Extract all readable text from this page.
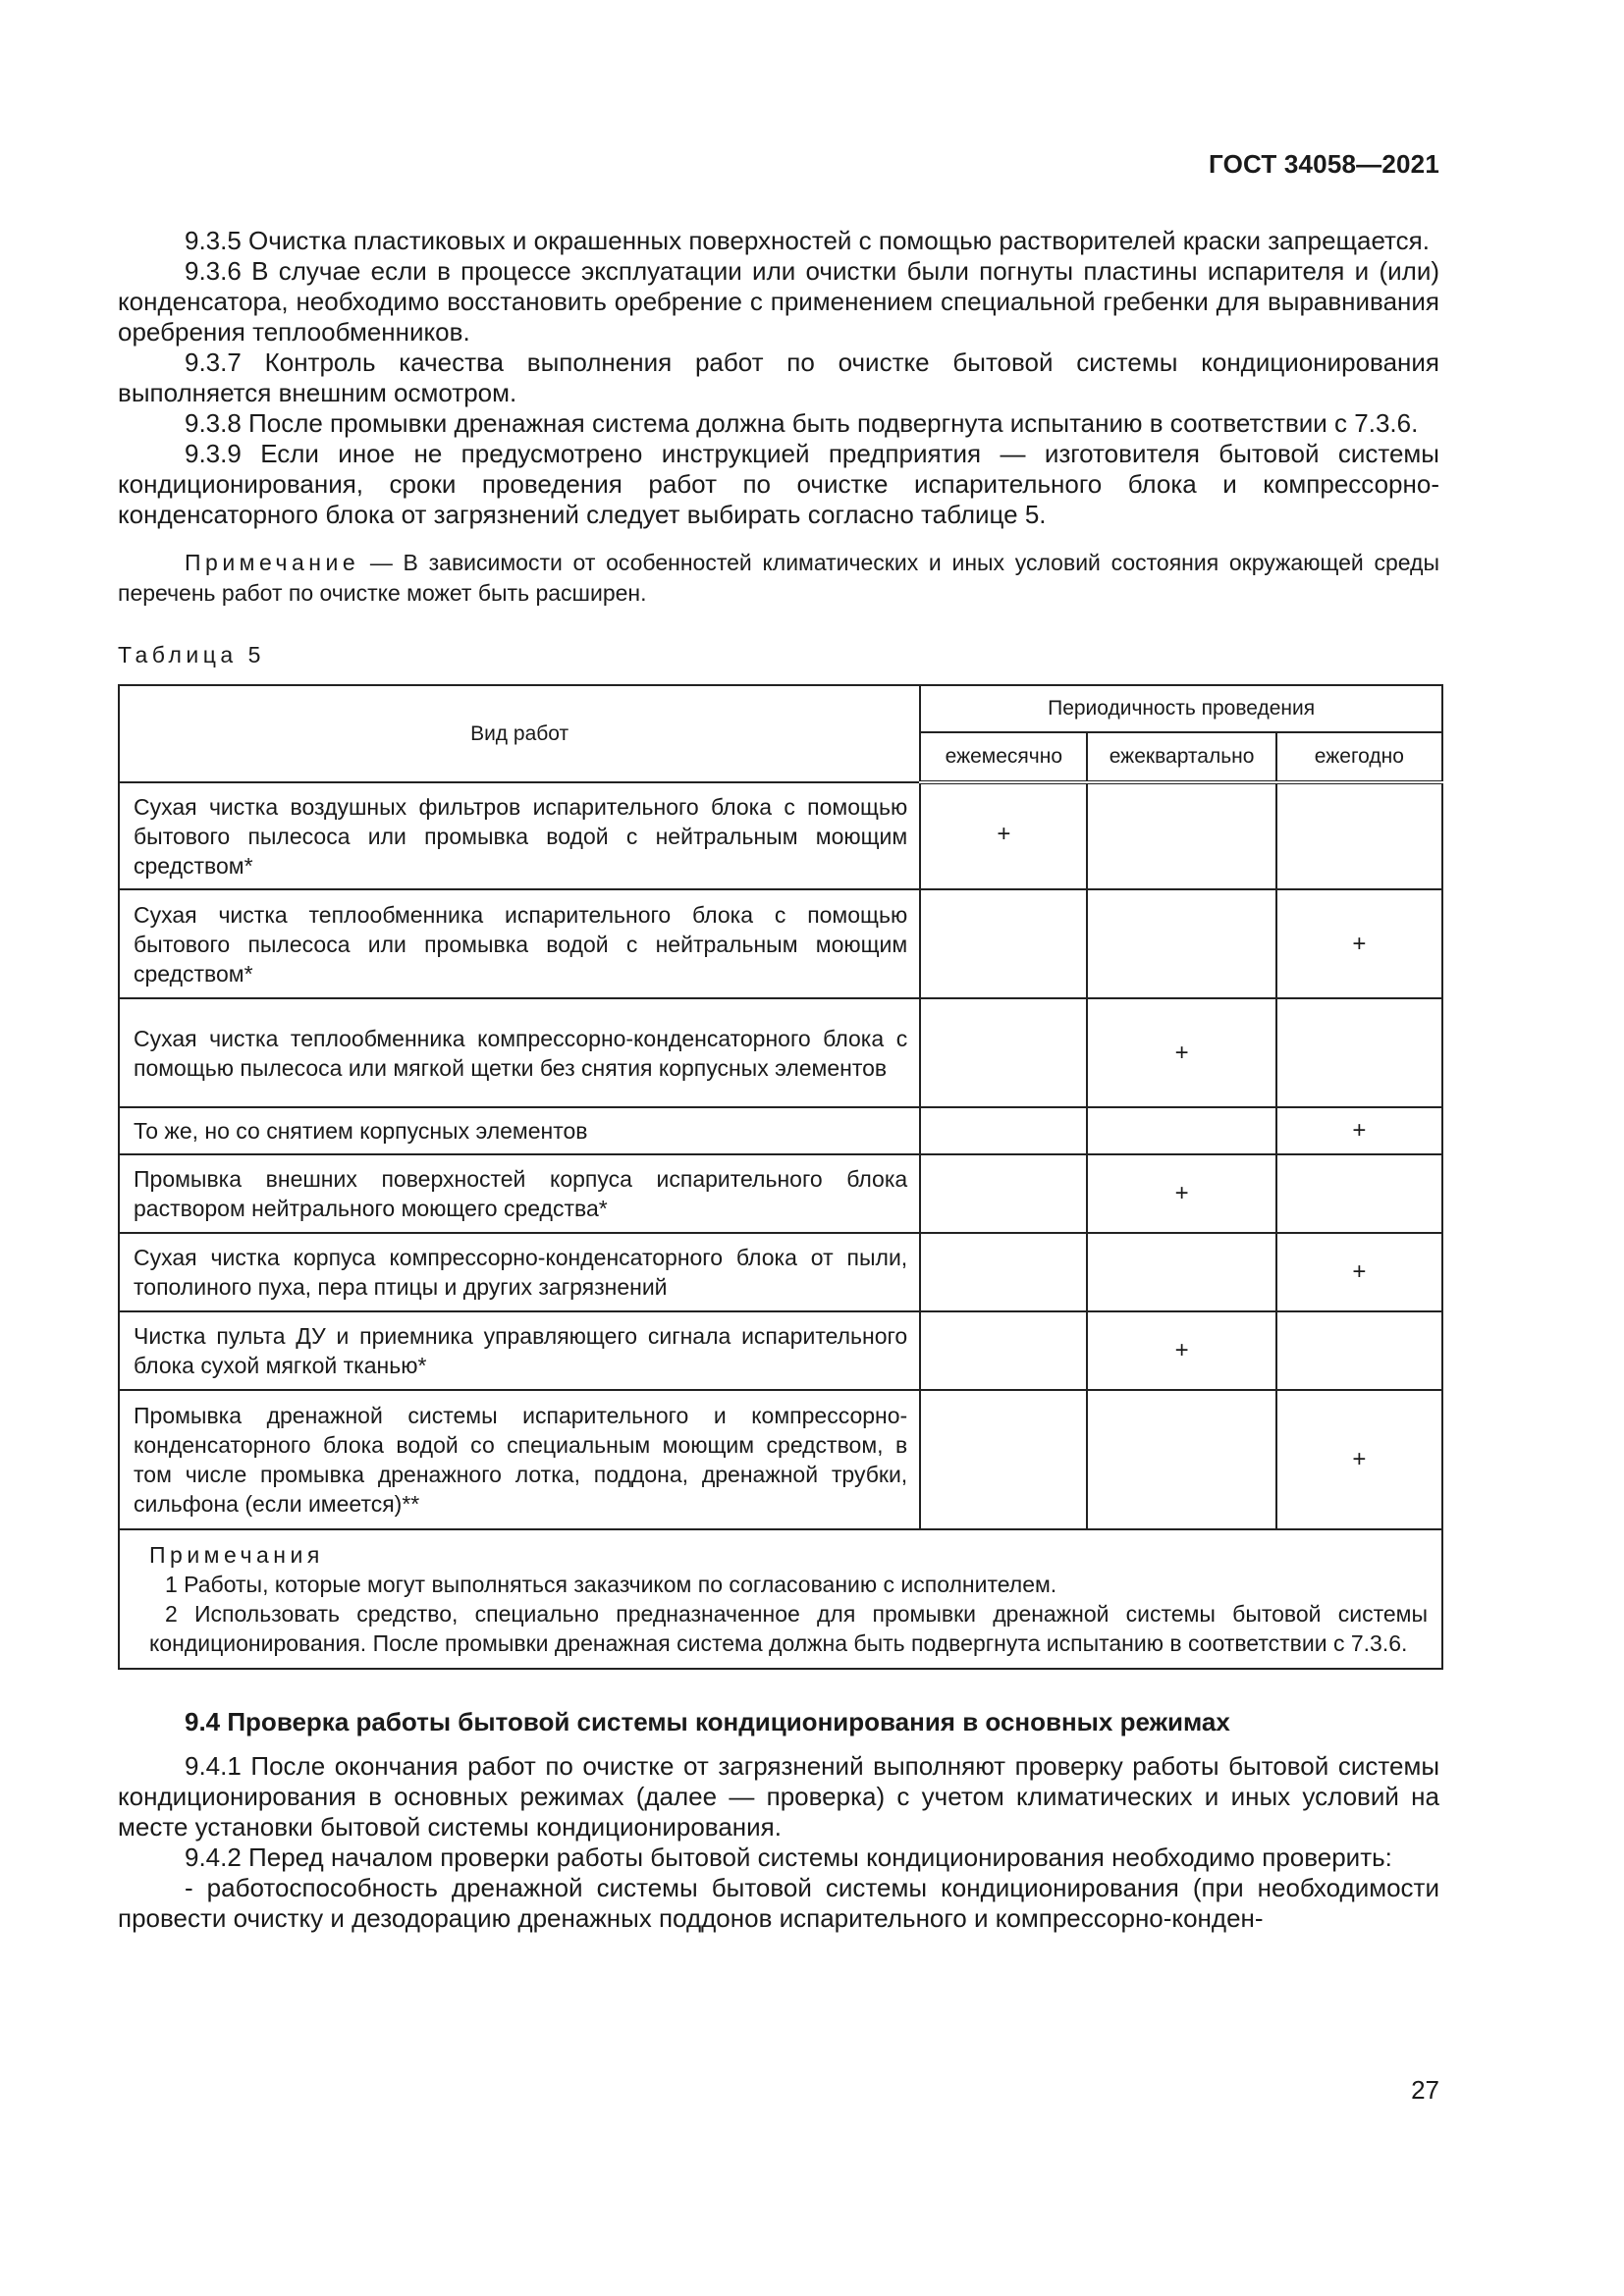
ГОСТ 34058—2021

9.3.5 Очистка пластиковых и окрашенных поверхностей с помощью растворителей краски запрещается.

9.3.6 В случае если в процессе эксплуатации или очистки были погнуты пластины испарителя и (или) конденсатора, необходимо восстановить оребрение с применением специальной гребенки для выравнивания оребрения теплообменников.

9.3.7 Контроль качества выполнения работ по очистке бытовой системы кондиционирования выполняется внешним осмотром.

9.3.8 После промывки дренажная система должна быть подвергнута испытанию в соответствии с 7.3.6.

9.3.9 Если иное не предусмотрено инструкцией предприятия — изготовителя бытовой системы кондиционирования, сроки проведения работ по очистке испарительного блока и компрессорно-конденсаторного блока от загрязнений следует выбирать согласно таблице 5.

Примечание — В зависимости от особенностей климатических и иных условий состояния окружающей среды перечень работ по очистке может быть расширен.
Таблица 5
Вид работ	Периодичность проведения		
	ежемесячно	ежеквартально	ежегодно
Сухая чистка воздушных фильтров испарительного блока с помощью бытового пылесоса или промывка водой с нейтральным моющим средством*	+		
Сухая чистка теплообменника испарительного блока с помощью бытового пылесоса или промывка водой с нейтральным моющим средством*			+
Сухая чистка теплообменника компрессорно-конденсаторного блока с помощью пылесоса или мягкой щетки без снятия корпусных элементов		+	
То же, но со снятием корпусных элементов			+
Промывка внешних поверхностей корпуса испарительного блока раствором нейтрального моющего средства*		+	
Сухая чистка корпуса компрессорно-конденсаторного блока от пыли, тополиного пуха, пера птицы и других загрязнений			+
Чистка пульта ДУ и приемника управляющего сигнала испарительного блока сухой мягкой тканью*		+	
Промывка дренажной системы испарительного и компрессорно-конденсаторного блока водой со специальным моющим средством, в том числе промывка дренажного лотка, поддона, дренажной трубки, сильфона (если имеется)**			+

Примечания
1 Работы, которые могут выполняться заказчиком по согласованию с исполнителем.
2 Использовать средство, специально предназначенное для промывки дренажной системы бытовой системы кондиционирования. После промывки дренажная система должна быть подвергнута испытанию в соответствии с 7.3.6.			
9.4 Проверка работы бытовой системы кондиционирования в основных режимах

9.4.1 После окончания работ по очистке от загрязнений выполняют проверку работы бытовой системы кондиционирования в основных режимах (далее — проверка) с учетом климатических и иных условий на месте установки бытовой системы кондиционирования.

9.4.2 Перед началом проверки работы бытовой системы кондиционирования необходимо проверить:

- работоспособность дренажной системы бытовой системы кондиционирования (при необходимости провести очистку и дезодорацию дренажных поддонов испарительного и компрессорно-конден-

27
